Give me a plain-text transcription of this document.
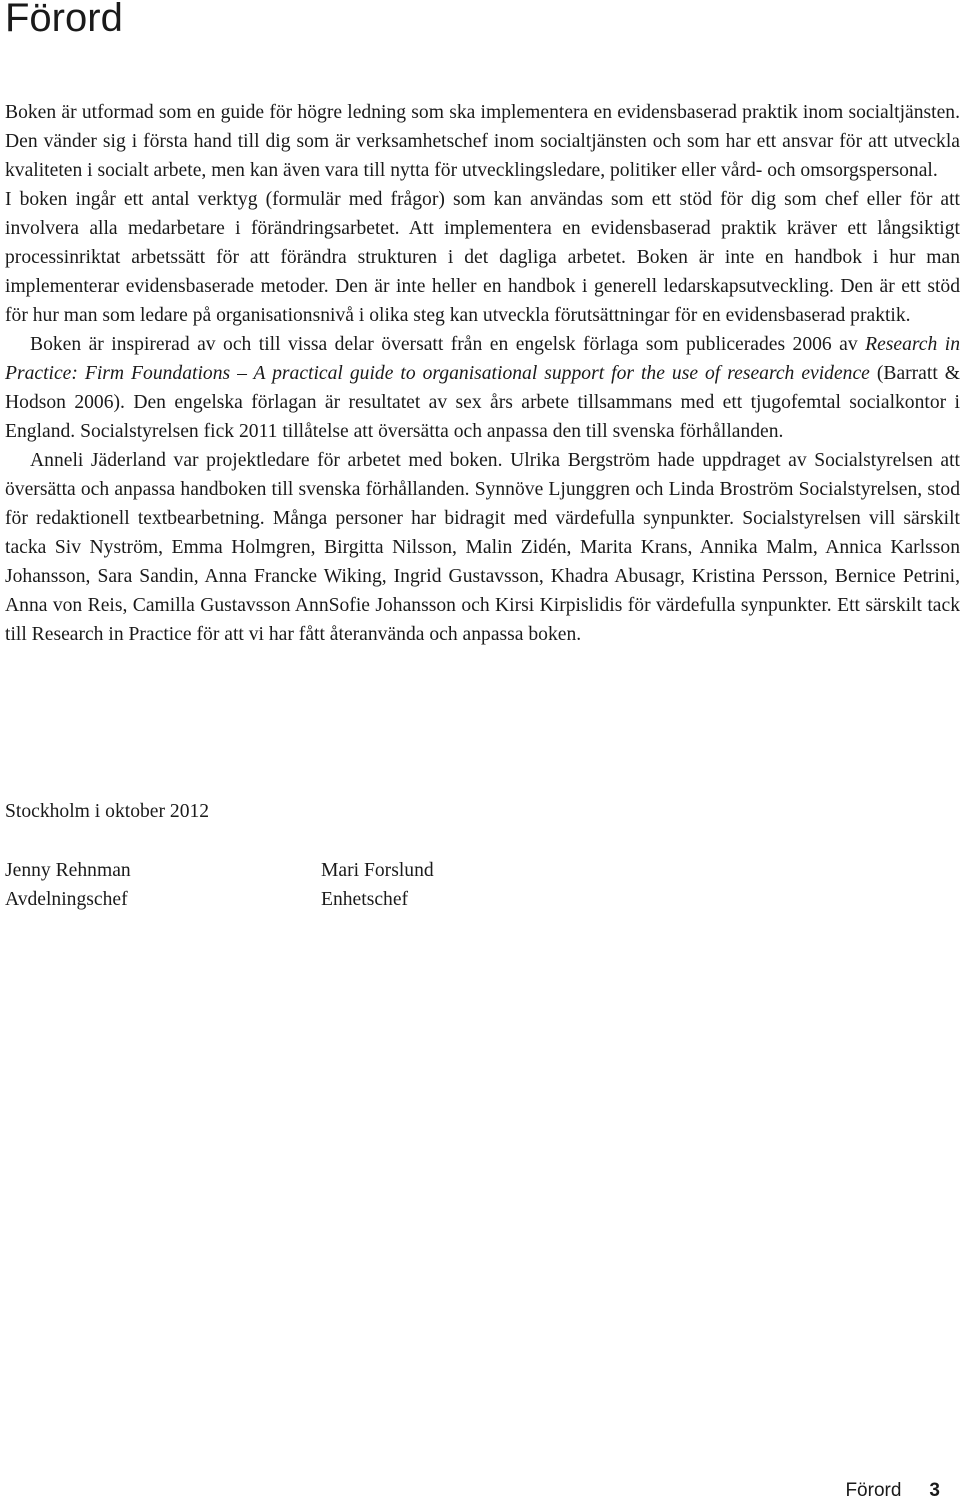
Förord

Boken är utformad som en guide för högre ledning som ska implementera en evidensbaserad praktik inom socialtjänsten. Den vänder sig i första hand till dig som är verksamhetschef inom socialtjänsten och som har ett ansvar för att utveckla kvaliteten i socialt arbete, men kan även vara till nytta för utvecklingsledare, politiker eller vård- och omsorgspersonal.

I boken ingår ett antal verktyg (formulär med frågor) som kan användas som ett stöd för dig som chef eller för att involvera alla medarbetare i förändringsarbetet. Att implementera en evidensbaserad praktik kräver ett långsiktigt processinriktat arbetssätt för att förändra strukturen i det dagliga arbetet. Boken är inte en handbok i hur man implementerar evidensbaserade metoder. Den är inte heller en handbok i generell ledarskapsutveckling. Den är ett stöd för hur man som ledare på organisationsnivå i olika steg kan utveckla förutsättningar för en evidensbaserad praktik.

Boken är inspirerad av och till vissa delar översatt från en engelsk förlaga som publicerades 2006 av Research in Practice: Firm Foundations – A practical guide to organisational support for the use of research evidence (Barratt & Hodson 2006). Den engelska förlagan är resultatet av sex års arbete tillsammans med ett tjugofemtal socialkontor i England. Socialstyrelsen fick 2011 tillåtelse att översätta och anpassa den till svenska förhållanden.

Anneli Jäderland var projektledare för arbetet med boken. Ulrika Bergström hade uppdraget av Socialstyrelsen att översätta och anpassa handboken till svenska förhållanden. Synnöve Ljunggren och Linda Broström Socialstyrelsen, stod för redaktionell textbearbetning. Många personer har bidragit med värdefulla synpunkter. Socialstyrelsen vill särskilt tacka Siv Nyström, Emma Holmgren, Birgitta Nilsson, Malin Zidén, Marita Krans, Annika Malm, Annica Karlsson Johansson, Sara Sandin, Anna Francke Wiking, Ingrid Gustavsson, Khadra Abusagr, Kristina Persson, Bernice Petrini, Anna von Reis, Camilla Gustavsson AnnSofie Johansson och Kirsi Kirpislidis för värdefulla synpunkter. Ett särskilt tack till Research in Practice för att vi har fått återanvända och anpassa boken.

Stockholm i oktober 2012
Jenny Rehnman
Avdelningschef
Mari Forslund
Enhetschef
Förord 3
